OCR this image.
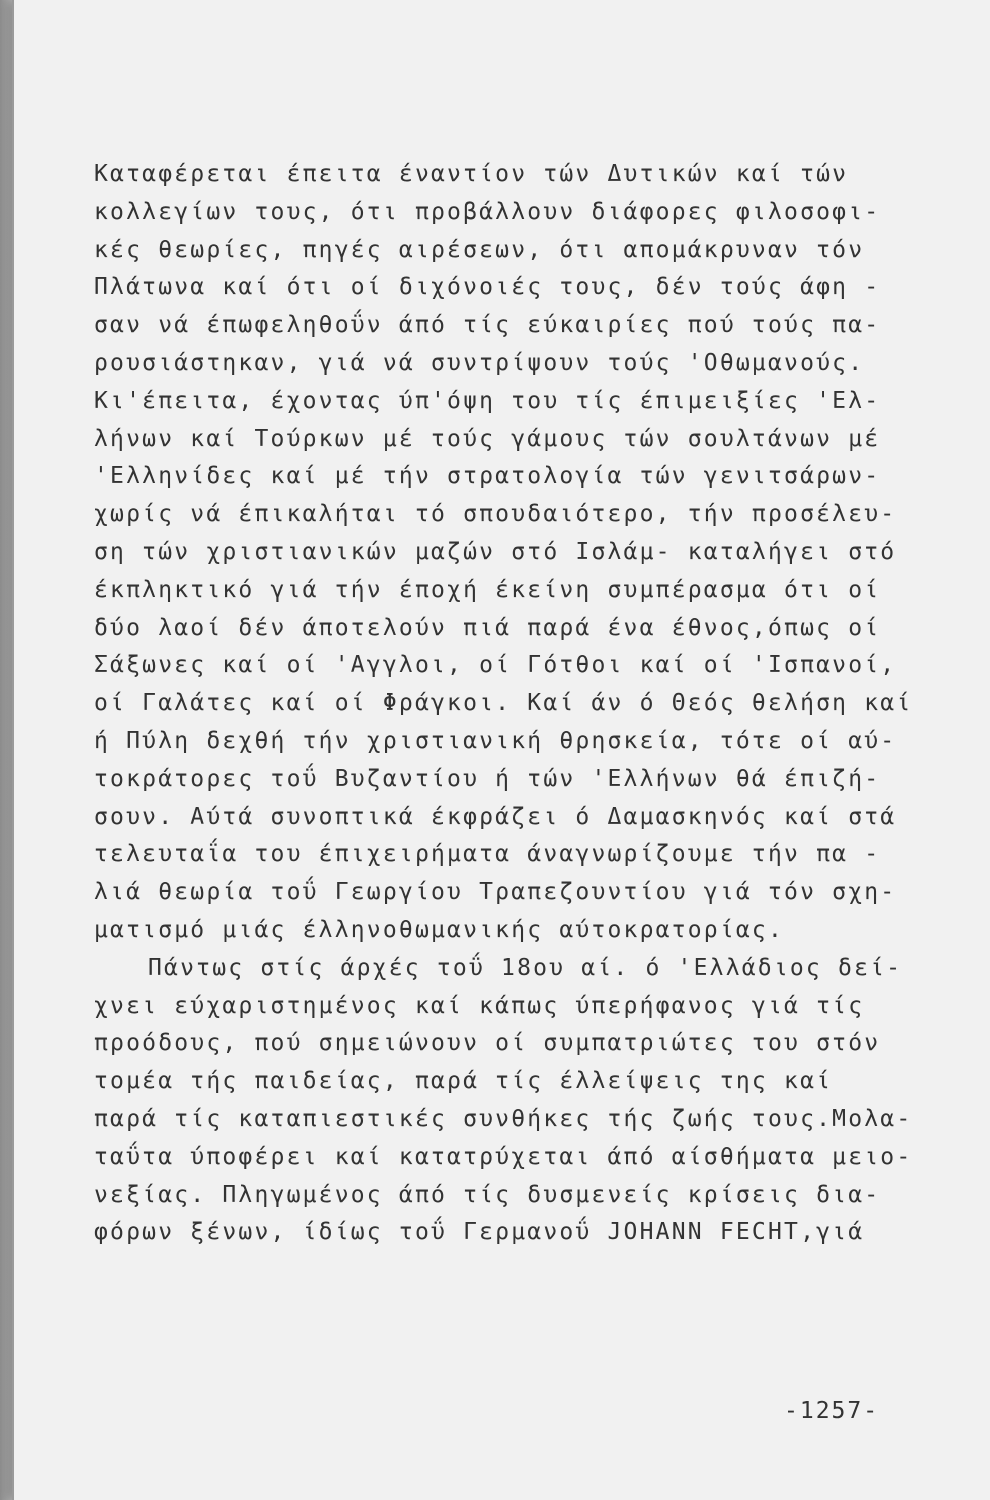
Καταφέρεται έπειτα έναντίον τών Δυτικών καί τών
κολλεγίων τους, ότι προβάλλουν διάφορες φιλοσοφι-
κές θεωρίες, πηγές αιρέσεων, ότι απομάκρυναν τόν
Πλάτωνα καί ότι οί διχόνοιές τους, δέν τούς άφη -
σαν νά έπωφεληθοΰν άπό τίς εύκαιρίες πού τούς πα-
ρουσιάστηκαν, γιά νά συντρίψουν τούς 'Οθωμανούς.
Κι'έπειτα, έχοντας ύπ'όψη του τίς έπιμειξίες 'Ελ-
λήνων καί Τούρκων μέ τούς γάμους τών σουλτάνων μέ
'Ελληνίδες καί μέ τήν στρατολογία τών γενιτσάρων-
χωρίς νά έπικαλήται τό σπουδαιότερο, τήν προσέλευ-
ση τών χριστιανικών μαζών στό Ισλάμ- καταλήγει στό
έκπληκτικό γιά τήν έποχή έκείνη συμπέρασμα ότι οί
δύο λαοί δέν άποτελούν πιά παρά ένα έθνος,όπως οί
Σάξωνες καί οί 'Αγγλοι, οί Γότθοι καί οί 'Ισπανοί,
οί Γαλάτες καί οί Φράγκοι. Καί άν ό Θεός θελήση καί
ή Πύλη δεχθή τήν χριστιανική θρησκεία, τότε οί αύ-
τοκράτορες τοΰ Βυζαντίου ή τών 'Ελλήνων θά έπιζή-
σουν. Αύτά συνοπτικά έκφράζει ό Δαμασκηνός καί στά
τελευταΐα του έπιχειρήματα άναγνωρίζουμε τήν πα -
λιά θεωρία τοΰ Γεωργίου Τραπεζουντίου γιά τόν σχη-
ματισμό μιάς έλληνοθωμανικής αύτοκρατορίας.
Πάντως στίς άρχές τοΰ 18ου αί. ό 'Ελλάδιος δεί-
χνει εύχαριστημένος καί κάπως ύπερήφανος γιά τίς
προόδους, πού σημειώνουν οί συμπατριώτες του στόν
τομέα τής παιδείας, παρά τίς έλλείψεις της καί
παρά τίς καταπιεστικές συνθήκες τής ζωής τους.Μολα-
ταΰτα ύποφέρει καί κατατρύχεται άπό αίσθήματα μειο-
νεξίας. Πληγωμένος άπό τίς δυσμενείς κρίσεις δια-
φόρων ξένων, ίδίως τοΰ Γερμανοΰ JOHANN FECHT,γιά
-1257-
